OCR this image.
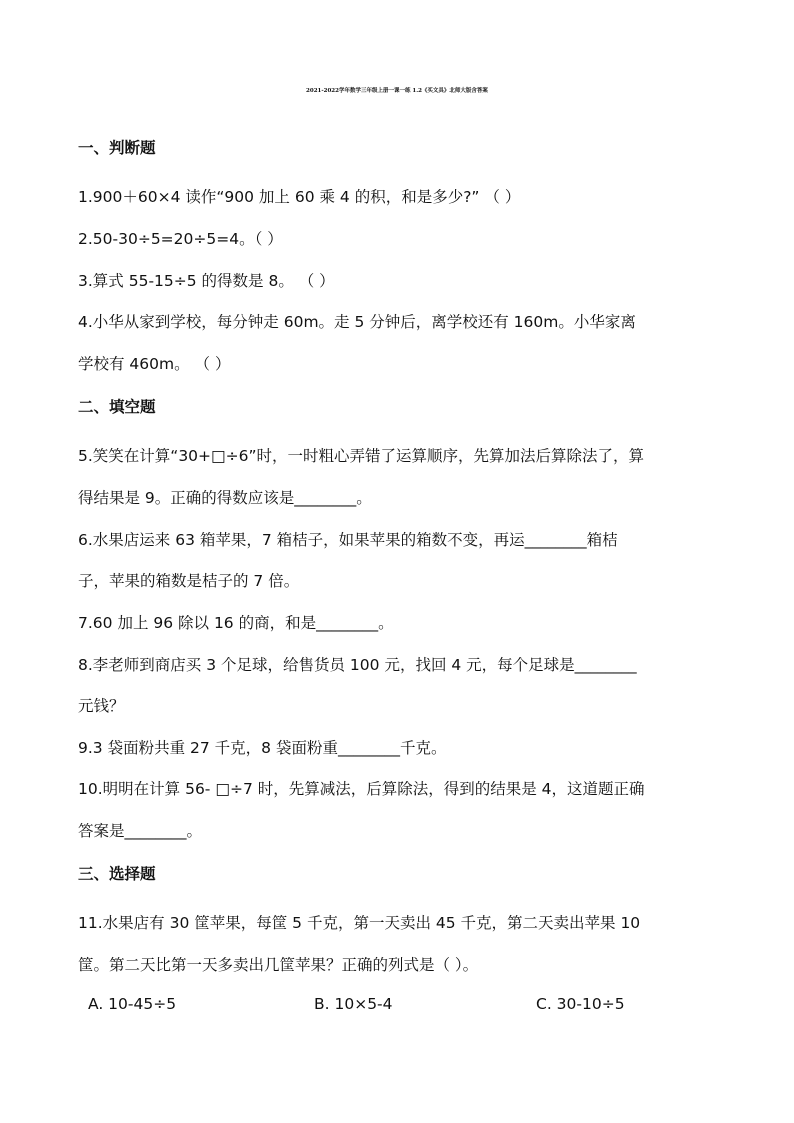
2021-2022学年数学三年级上册一课一练 1.2《买文具》北师大版含答案
一、判断题
1.900＋60×4 读作“900 加上 60 乘 4 的积，和是多少?” （ ）
2.50-30÷5=20÷5=4。（ ）
3.算式 55-15÷5 的得数是 8。 （ ）
4.小华从家到学校，每分钟走 60m。走 5 分钟后，离学校还有 160m。小华家离
学校有 460m。 （ ）
二、填空题
5.笑笑在计算“30+□÷6”时，一时粗心弄错了运算顺序，先算加法后算除法了，算
得结果是 9。正确的得数应该是________。
6.水果店运来 63 箱苹果，7 箱桔子，如果苹果的箱数不变，再运________箱桔
子，苹果的箱数是桔子的 7 倍。
7.60 加上 96 除以 16 的商，和是________。
8.李老师到商店买 3 个足球，给售货员 100 元，找回 4 元，每个足球是________
元钱？
9.3 袋面粉共重 27 千克，8 袋面粉重________千克。
10.明明在计算 56- □÷7 时，先算减法，后算除法，得到的结果是 4，这道题正确
答案是________。
三、选择题
11.水果店有 30 筐苹果，每筐 5 千克，第一天卖出 45 千克，第二天卖出苹果 10
筐。第二天比第一天多卖出几筐苹果？正确的列式是（ ）。
A. 10-45÷5	B. 10×5-4	C. 30-10÷5
